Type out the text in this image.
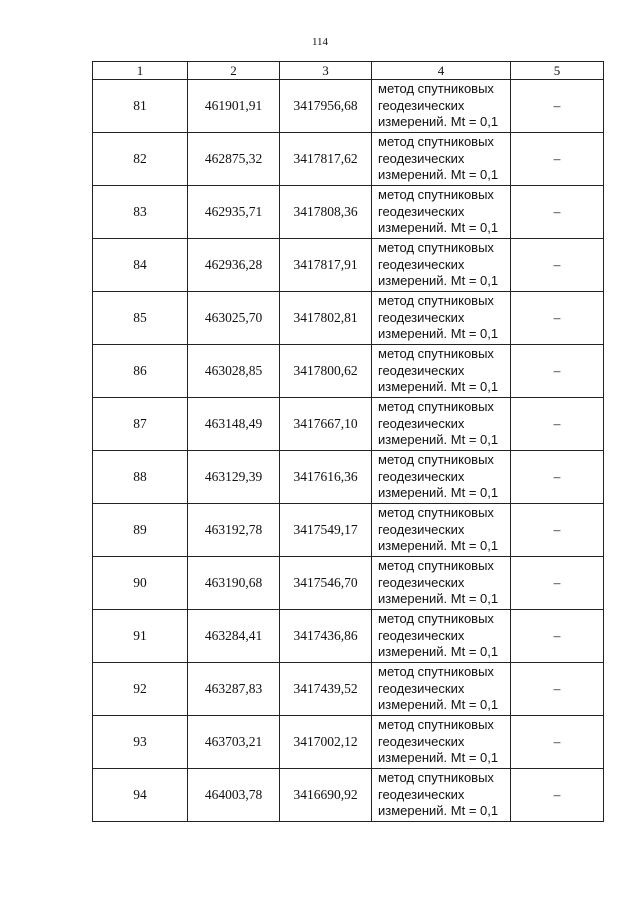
114
1	2	3	4	5
81	461901,91	3417956,68	метод спутниковых
геодезических
измерений. Mt = 0,1	–
82	462875,32	3417817,62	метод спутниковых
геодезических
измерений. Mt = 0,1	–
83	462935,71	3417808,36	метод спутниковых
геодезических
измерений. Mt = 0,1	–
84	462936,28	3417817,91	метод спутниковых
геодезических
измерений. Mt = 0,1	–
85	463025,70	3417802,81	метод спутниковых
геодезических
измерений. Mt = 0,1	–
86	463028,85	3417800,62	метод спутниковых
геодезических
измерений. Mt = 0,1	–
87	463148,49	3417667,10	метод спутниковых
геодезических
измерений. Mt = 0,1	–
88	463129,39	3417616,36	метод спутниковых
геодезических
измерений. Mt = 0,1	–
89	463192,78	3417549,17	метод спутниковых
геодезических
измерений. Mt = 0,1	–
90	463190,68	3417546,70	метод спутниковых
геодезических
измерений. Mt = 0,1	–
91	463284,41	3417436,86	метод спутниковых
геодезических
измерений. Mt = 0,1	–
92	463287,83	3417439,52	метод спутниковых
геодезических
измерений. Mt = 0,1	–
93	463703,21	3417002,12	метод спутниковых
геодезических
измерений. Mt = 0,1	–
94	464003,78	3416690,92	метод спутниковых
геодезических
измерений. Mt = 0,1	–
